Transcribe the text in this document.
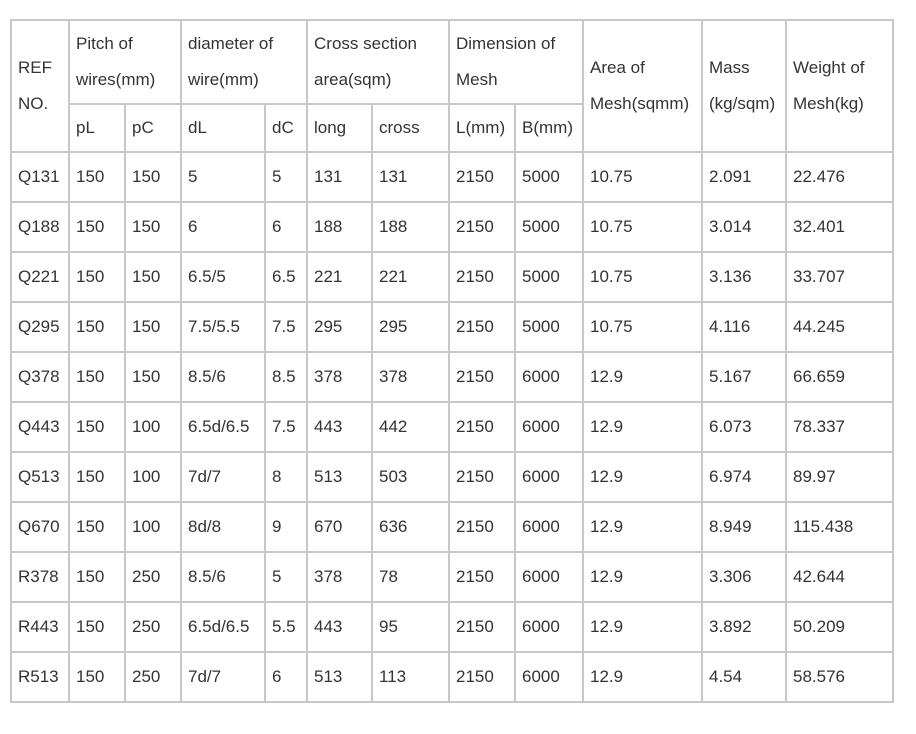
REF NO.	Pitch of wires(mm)		diameter of wire(mm)		Cross section area(sqm)		Dimension of Mesh		Area of Mesh(sqmm)	Mass (kg/sqm)	Weight of Mesh(kg)
	pL	pC	dL	dC	long	cross	L(mm)	B(mm)			
Q131	150	150	5	5	131	131	2150	5000	10.75	2.091	22.476
Q188	150	150	6	6	188	188	2150	5000	10.75	3.014	32.401
Q221	150	150	6.5/5	6.5	221	221	2150	5000	10.75	3.136	33.707
Q295	150	150	7.5/5.5	7.5	295	295	2150	5000	10.75	4.116	44.245
Q378	150	150	8.5/6	8.5	378	378	2150	6000	12.9	5.167	66.659
Q443	150	100	6.5d/6.5	7.5	443	442	2150	6000	12.9	6.073	78.337
Q513	150	100	7d/7	8	513	503	2150	6000	12.9	6.974	89.97
Q670	150	100	8d/8	9	670	636	2150	6000	12.9	8.949	115.438
R378	150	250	8.5/6	5	378	78	2150	6000	12.9	3.306	42.644
R443	150	250	6.5d/6.5	5.5	443	95	2150	6000	12.9	3.892	50.209
R513	150	250	7d/7	6	513	113	2150	6000	12.9	4.54	58.576
